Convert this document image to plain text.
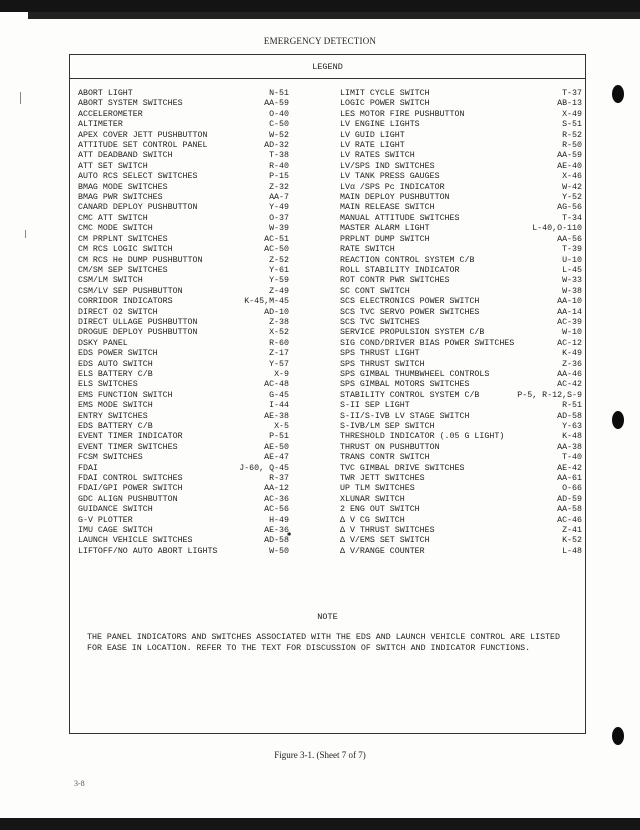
EMERGENCY DETECTION
LEGEND
ABORT LIGHT	N-51
ABORT SYSTEM SWITCHES	AA-59
ACCELEROMETER	O-40
ALTIMETER	C-50
APEX COVER JETT PUSHBUTTON	W-52
ATTITUDE SET CONTROL PANEL	AD-32
ATT DEADBAND SWITCH	T-38
ATT SET SWITCH	R-40
AUTO RCS SELECT SWITCHES	P-15
BMAG MODE SWITCHES	Z-32
BMAG PWR SWITCHES	AA-7
CANARD DEPLOY PUSHBUTTON	Y-49
CMC ATT SWITCH	O-37
CMC MODE SWITCH	W-39
CM PRPLNT SWITCHES	AC-51
CM RCS LOGIC SWITCH	AC-50
CM RCS He DUMP PUSHBUTTON	Z-52
CM/SM SEP SWITCHES	Y-61
CSM/LM SWITCH	Y-59
CSM/LV SEP PUSHBUTTON	Z-49
CORRIDOR INDICATORS	K-45,M-45
DIRECT O2 SWITCH	AD-10
DIRECT ULLAGE PUSHBUTTON	Z-38
DROGUE DEPLOY PUSHBUTTON	X-52
DSKY PANEL	R-60
EDS POWER SWITCH	Z-17
EDS AUTO SWITCH	Y-57
ELS BATTERY C/B	X-9
ELS SWITCHES	AC-48
EMS FUNCTION SWITCH	G-45
EMS MODE SWITCH	I-44
ENTRY SWITCHES	AE-38
EDS BATTERY C/B	X-5
EVENT TIMER INDICATOR	P-51
EVENT TIMER SWITCHES	AE-50
FCSM SWITCHES	AE-47
FDAI	J-60, Q-45
FDAI CONTROL SWITCHES	R-37
FDAI/GPI POWER SWITCH	AA-12
GDC ALIGN PUSHBUTTON	AC-36
GUIDANCE SWITCH	AC-56
G-V PLOTTER	H-49
IMU CAGE SWITCH	AE-36
LAUNCH VEHICLE SWITCHES	AD-58
LIFTOFF/NO AUTO ABORT LIGHTS	W-50
LIMIT CYCLE SWITCH	T-37
LOGIC POWER SWITCH	AB-13
LES MOTOR FIRE PUSHBUTTON	X-49
LV ENGINE LIGHTS	S-51
LV GUID LIGHT	R-52
LV RATE LIGHT	R-50
LV RATES SWITCH	AA-59
LV/SPS IND SWITCHES	AE-40
LV TANK PRESS GAUGES	X-46
LVα /SPS Pc INDICATOR	W-42
MAIN DEPLOY PUSHBUTTON	Y-52
MAIN RELEASE SWITCH	AG-56
MANUAL ATTITUDE SWITCHES	T-34
MASTER ALARM LIGHT	L-40,O-110
PRPLNT DUMP SWITCH	AA-56
RATE SWITCH	T-39
REACTION CONTROL SYSTEM C/B	U-10
ROLL STABILITY INDICATOR	L-45
ROT CONTR PWR SWITCHES	W-33
SC CONT SWITCH	W-38
SCS ELECTRONICS POWER SWITCH	AA-10
SCS TVC SERVO POWER SWITCHES	AA-14
SCS TVC SWITCHES	AC-39
SERVICE PROPULSION SYSTEM C/B	W-10
SIG COND/DRIVER BIAS POWER SWITCHES	AC-12
SPS THRUST LIGHT	K-49
SPS THRUST SWITCH	Z-36
SPS GIMBAL THUMBWHEEL CONTROLS	AA-46
SPS GIMBAL MOTORS SWITCHES	AC-42
STABILITY CONTROL SYSTEM C/B	P-5, R-12,S-9
S-II SEP LIGHT	R-51
S-II/S-IVB LV STAGE SWITCH	AD-58
S-IVB/LM SEP SWITCH	Y-63
THRESHOLD INDICATOR (.05 G LIGHT)	K-48
THRUST ON PUSHBUTTON	AA-38
TRANS CONTR SWITCH	T-40
TVC GIMBAL DRIVE SWITCHES	AE-42
TWR JETT SWITCHES	AA-61
UP TLM SWITCHES	O-66
XLUNAR SWITCH	AD-59
2 ENG OUT SWITCH	AA-58
Δ V CG SWITCH	AC-46
Δ V THRUST SWITCHES	Z-41
Δ V/EMS SET SWITCH	K-52
Δ V/RANGE COUNTER	L-48
✱
NOTE
THE PANEL INDICATORS AND SWITCHES ASSOCIATED WITH THE EDS AND LAUNCH VEHICLE CONTROL ARE LISTED
FOR EASE IN LOCATION. REFER TO THE TEXT FOR DISCUSSION OF SWITCH AND INDICATOR FUNCTIONS.
Figure 3-1. (Sheet 7 of 7)
3-8
